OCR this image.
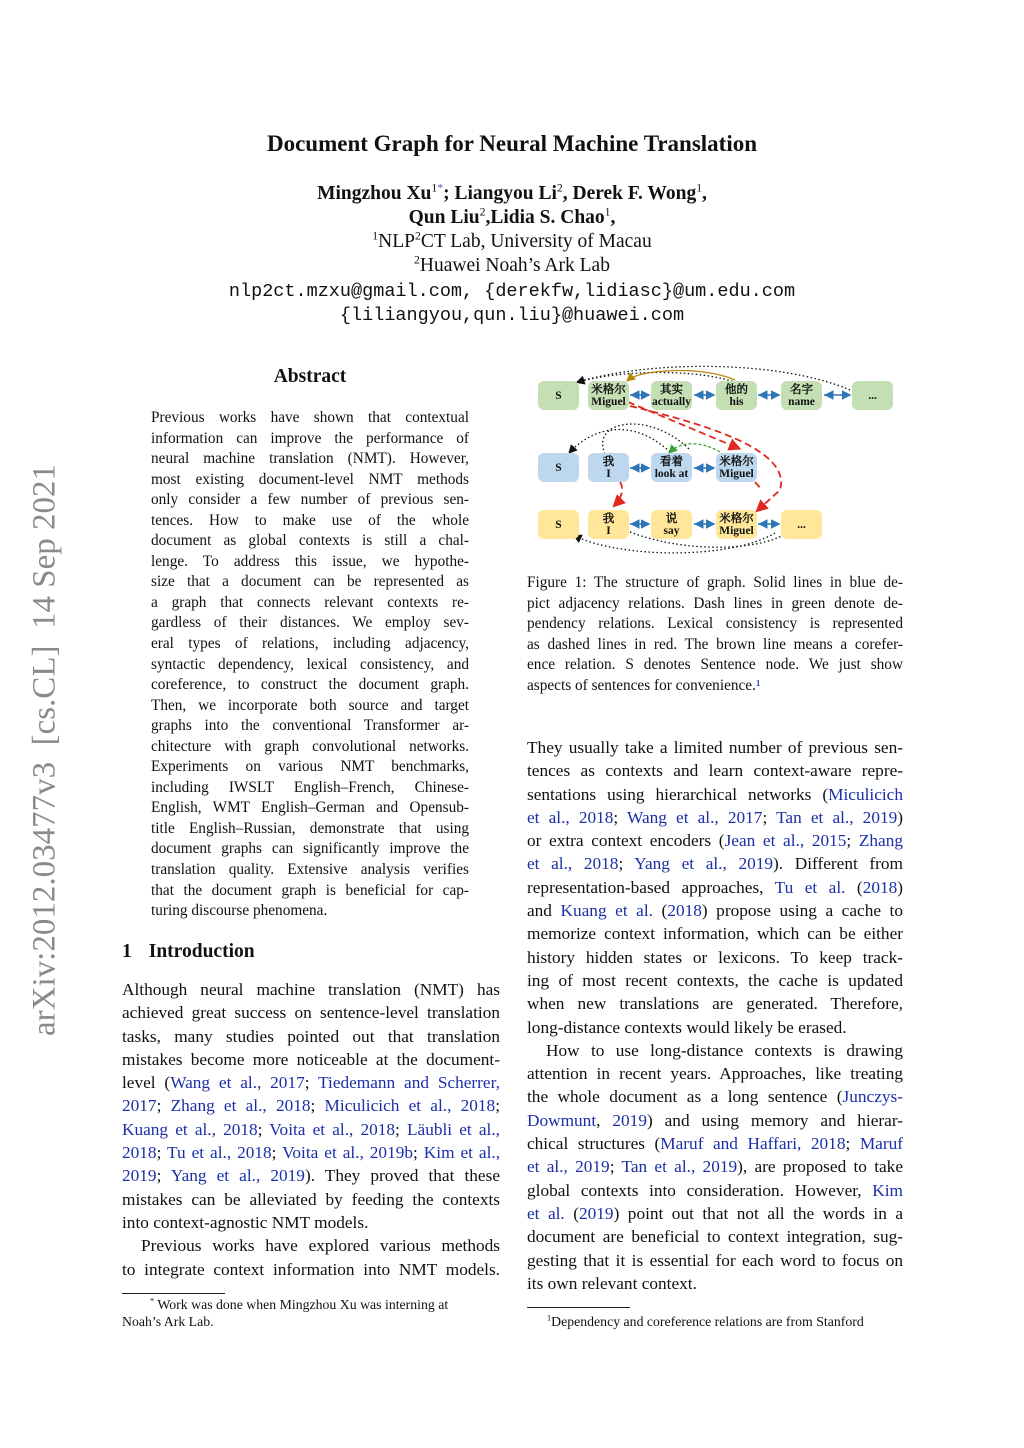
arXiv:2012.03477v3  [cs.CL]  14 Sep 2021
Document Graph for Neural Machine Translation
Mingzhou $Xu^{1*}$; Liangyou Li$^2$, Derek F. Wong$^1$,
Qun Liu$^2$,Lidia S. Chao$^1$,
$^1$NLP$^2$CT Lab, University of Macau
$^2$Huawei Noah’s Ark Lab
nlp2ct.mzxu@gmail.com, {derekfw,lidiasc}@um.edu.com
{liliangyou,qun.liu}@huawei.com
Abstract
Previous works have shown that contextual
information can improve the performance of
neural machine translation (NMT). However,
most existing document-level NMT methods
only consider a few number of previous sen-
tences. How to make use of the whole
document as global contexts is still a chal-
lenge. To address this issue, we hypothe-
size that a document can be represented as
a graph that connects relevant contexts re-
gardless of their distances. We employ sev-
eral types of relations, including adjacency,
syntactic dependency, lexical consistency, and
coreference, to construct the document graph.
Then, we incorporate both source and target
graphs into the conventional Transformer ar-
chitecture with graph convolutional networks.
Experiments on various NMT benchmarks,
including IWSLT English–French, Chinese-
English, WMT English–German and Opensub-
title English–Russian, demonstrate that using
document graphs can significantly improve the
translation quality. Extensive analysis verifies
that the document graph is beneficial for cap-
turing discourse phenomena.
1 Introduction
Although neural machine translation (NMT) has
achieved great success on sentence-level translation
tasks, many studies pointed out that translation
mistakes become more noticeable at the document-
level (Wang et al., 2017; Tiedemann and Scherrer,
2017; Zhang et al., 2018; Miculicich et al., 2018;
Kuang et al., 2018; Voita et al., 2018; Läubli et al.,
2018; Tu et al., 2018; Voita et al., 2019b; Kim et al.,
2019; Yang et al., 2019). They proved that these
mistakes can be alleviated by feeding the contexts
into context-agnostic NMT models.
Previous works have explored various methods
to integrate context information into NMT models.
* Work was done when Mingzhou Xu was interning at
Noah’s Ark Lab.
S	米格尔
Miguel
其实
actually
他的
his
名字
name	...
S	我
I
看着
look at
米格尔
Miguel
S	我
I
说
say
米格尔
Miguel	...
Figure 1: The structure of graph. Solid lines in blue de-
pict adjacency relations. Dash lines in green denote de-
pendency relations. Lexical consistency is represented
as dashed lines in red. The brown line means a corefer-
ence relation. S denotes Sentence node. We just show
aspects of sentences for convenience.¹
They usually take a limited number of previous sen-
tences as contexts and learn context-aware repre-
sentations using hierarchical networks (Miculicich
et al., 2018; Wang et al., 2017; Tan et al., 2019)
or extra context encoders (Jean et al., 2015; Zhang
et al., 2018; Yang et al., 2019). Different from
representation-based approaches, Tu et al. (2018)
and Kuang et al. (2018) propose using a cache to
memorize context information, which can be either
history hidden states or lexicons. To keep track-
ing of most recent contexts, the cache is updated
when new translations are generated. Therefore,
long-distance contexts would likely be erased.
How to use long-distance contexts is drawing
attention in recent years. Approaches, like treating
the whole document as a long sentence (Junczys-
Dowmunt, 2019) and using memory and hierar-
chical structures (Maruf and Haffari, 2018; Maruf
et al., 2019; Tan et al., 2019), are proposed to take
global contexts into consideration. However, Kim
et al. (2019) point out that not all the words in a
document are beneficial to context integration, sug-
gesting that it is essential for each word to focus on
its own relevant context.
$^1$Dependency and coreference relations are from Stanford
